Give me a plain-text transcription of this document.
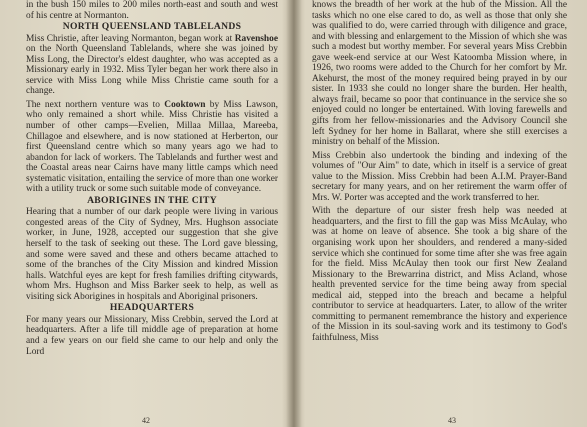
in the bush 150 miles to 200 miles north-east and south and west of his centre at Normanton.

NORTH QUEENSLAND TABLELANDS

Miss Christie, after leaving Normanton, began work at Ravenshoe on the North Queensland Tablelands, where she was joined by Miss Long, the Director's eldest daughter, who was accepted as a Missionary early in 1932. Miss Tyler began her work there also in service with Miss Long while Miss Christie came south for a change.

The next northern venture was to Cooktown by Miss Lawson, who only remained a short while. Miss Christie has visited a number of other camps—Evelien, Millaa Millaa, Mareeba, Chillagoe and elsewhere, and is now stationed at Herberton, our first Queensland centre which so many years ago we had to abandon for lack of workers. The Tablelands and further west and the Coastal areas near Cairns have many little camps which need systematic visitation, entailing the service of more than one worker with a utility truck or some such suitable mode of conveyance.

ABORIGINES IN THE CITY

Hearing that a number of our dark people were living in various congested areas of the City of Sydney, Mrs. Hughson associate worker, in June, 1928, accepted our suggestion that she give herself to the task of seeking out these. The Lord gave blessing, and some were saved and these and others became attached to some of the branches of the City Mission and kindred Mission halls. Watchful eyes are kept for fresh families drifting citywards, whom Mrs. Hughson and Miss Barker seek to help, as well as visiting sick Aborigines in hospitals and Aboriginal prisoners.

HEADQUARTERS

For many years our Missionary, Miss Crebbin, served the Lord at headquarters. After a life till middle age of preparation at home and a few years on our field she came to our help and only the Lord

knows the breadth of her work at the hub of the Mission. All the tasks which no one else cared to do, as well as those that only she was qualified to do, were carried through with diligence and grace, and with blessing and enlargement to the Mission of which she was such a modest but worthy member. For several years Miss Crebbin gave week-end service at our West Katoomba Mission where, in 1926, two rooms were added to the Church for her comfort by Mr. Akehurst, the most of the money required being prayed in by our sister. In 1933 she could no longer share the burden. Her health, always frail, became so poor that continuance in the service she so enjoyed could no longer be entertained. With loving farewells and gifts from her fellow-missionaries and the Advisory Council she left Sydney for her home in Ballarat, where she still exercises a ministry on behalf of the Mission.

Miss Crebbin also undertook the binding and indexing of the volumes of "Our Aim" to date, which in itself is a service of great value to the Mission. Miss Crebbin had been A.I.M. Prayer-Band secretary for many years, and on her retirement the warm offer of Mrs. W. Porter was accepted and the work transferred to her.

With the departure of our sister fresh help was needed at headquarters, and the first to fill the gap was Miss McAulay, who was at home on leave of absence. She took a big share of the organising work upon her shoulders, and rendered a many-sided service which she continued for some time after she was free again for the field. Miss McAulay then took our first New Zealand Missionary to the Brewarrina district, and Miss Acland, whose health prevented service for the time being away from special medical aid, stepped into the breach and became a helpful contributor to service at headquarters. Later, to allow of the writer committing to permanent remembrance the history and experience of the Mission in its soul-saving work and its testimony to God's faithfulness, Miss

42	43
